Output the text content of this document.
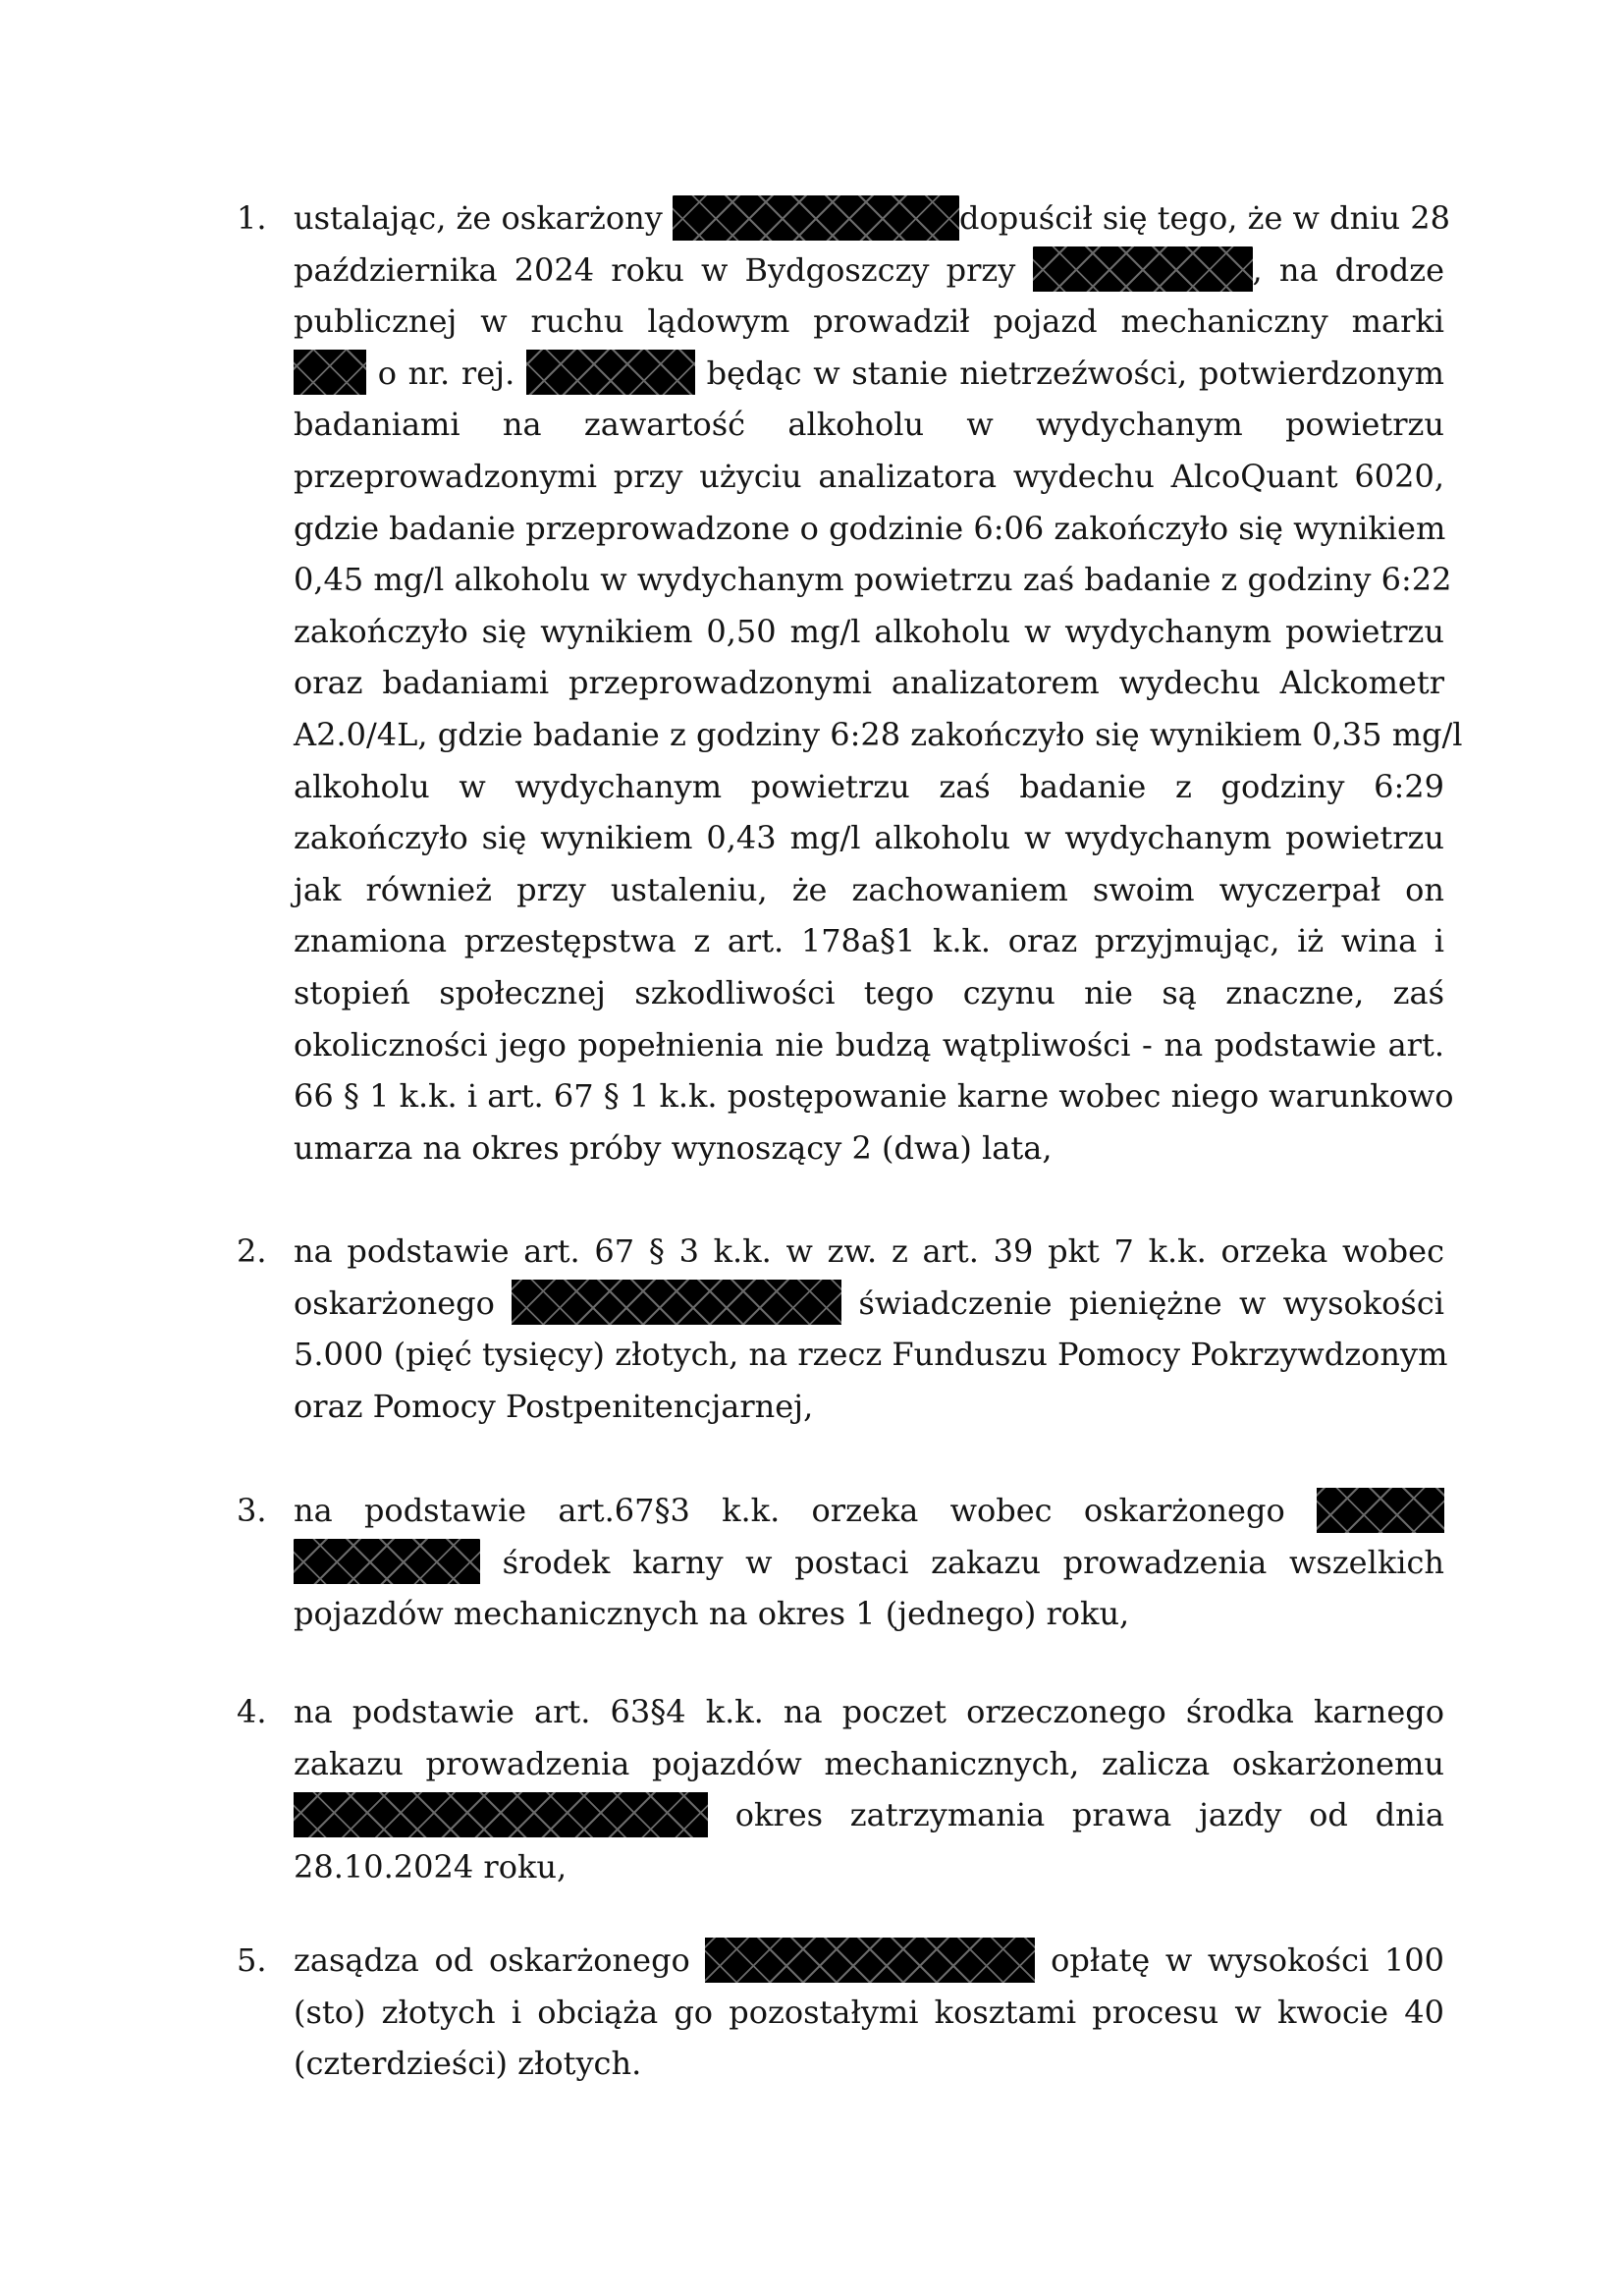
1. ustalając, że oskarżony	dopuścił się tego, że w dniu 28
października 2024 roku w Bydgoszczy przy	, na drodze
publicznej w ruchu lądowym prowadził pojazd mechaniczny marki
o nr. rej.	będąc w stanie nietrzeźwości, potwierdzonym
badaniami na zawartość alkoholu w wydychanym powietrzu
przeprowadzonymi przy użyciu analizatora wydechu AlcoQuant 6020,
gdzie badanie przeprowadzone o godzinie 6:06 zakończyło się wynikiem
0,45 mg/l alkoholu w wydychanym powietrzu zaś badanie z godziny 6:22
zakończyło się wynikiem 0,50 mg/l alkoholu w wydychanym powietrzu
oraz badaniami przeprowadzonymi analizatorem wydechu Alckometr
A2.0/4L, gdzie badanie z godziny 6:28 zakończyło się wynikiem 0,35 mg/l
alkoholu w wydychanym powietrzu zaś badanie z godziny 6:29
zakończyło się wynikiem 0,43 mg/l alkoholu w wydychanym powietrzu
jak również przy ustaleniu, że zachowaniem swoim wyczerpał on
znamiona przestępstwa z art. 178a§1 k.k. oraz przyjmując, iż wina i
stopień społecznej szkodliwości tego czynu nie są znaczne, zaś
okoliczności jego popełnienia nie budzą wątpliwości - na podstawie art.
66 § 1 k.k. i art. 67 § 1 k.k. postępowanie karne wobec niego warunkowo
umarza na okres próby wynoszący 2 (dwa) lata,
2. na podstawie art. 67 § 3 k.k. w zw. z art. 39 pkt 7 k.k. orzeka wobec
oskarżonego	świadczenie pieniężne w wysokości
5.000 (pięć tysięcy) złotych, na rzecz Funduszu Pomocy Pokrzywdzonym
oraz Pomocy Postpenitencjarnej,
3. na podstawie art.67§3 k.k. orzeka wobec oskarżonego
środek karny w postaci zakazu prowadzenia wszelkich
pojazdów mechanicznych na okres 1 (jednego) roku,
4. na podstawie art. 63§4 k.k. na poczet orzeczonego środka karnego
zakazu prowadzenia pojazdów mechanicznych, zalicza oskarżonemu
okres zatrzymania prawa jazdy od dnia
28.10.2024 roku,
5. zasądza od oskarżonego	opłatę w wysokości 100
(sto) złotych i obciąża go pozostałymi kosztami procesu w kwocie 40
(czterdzieści) złotych.
